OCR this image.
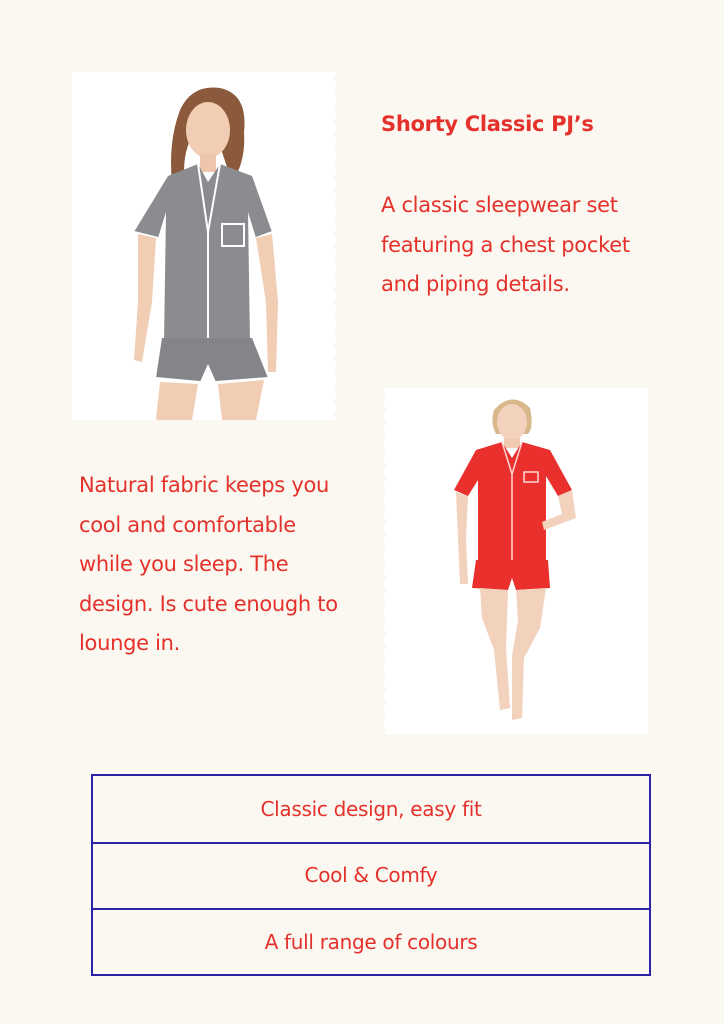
Shorty Classic PJ’s
A classic sleepwear set featuring a chest pocket and piping details.
Natural fabric keeps you cool and comfortable while you sleep. The design. Is cute enough to lounge in.
Classic design, easy fit
Cool & Comfy
A full range of colours
